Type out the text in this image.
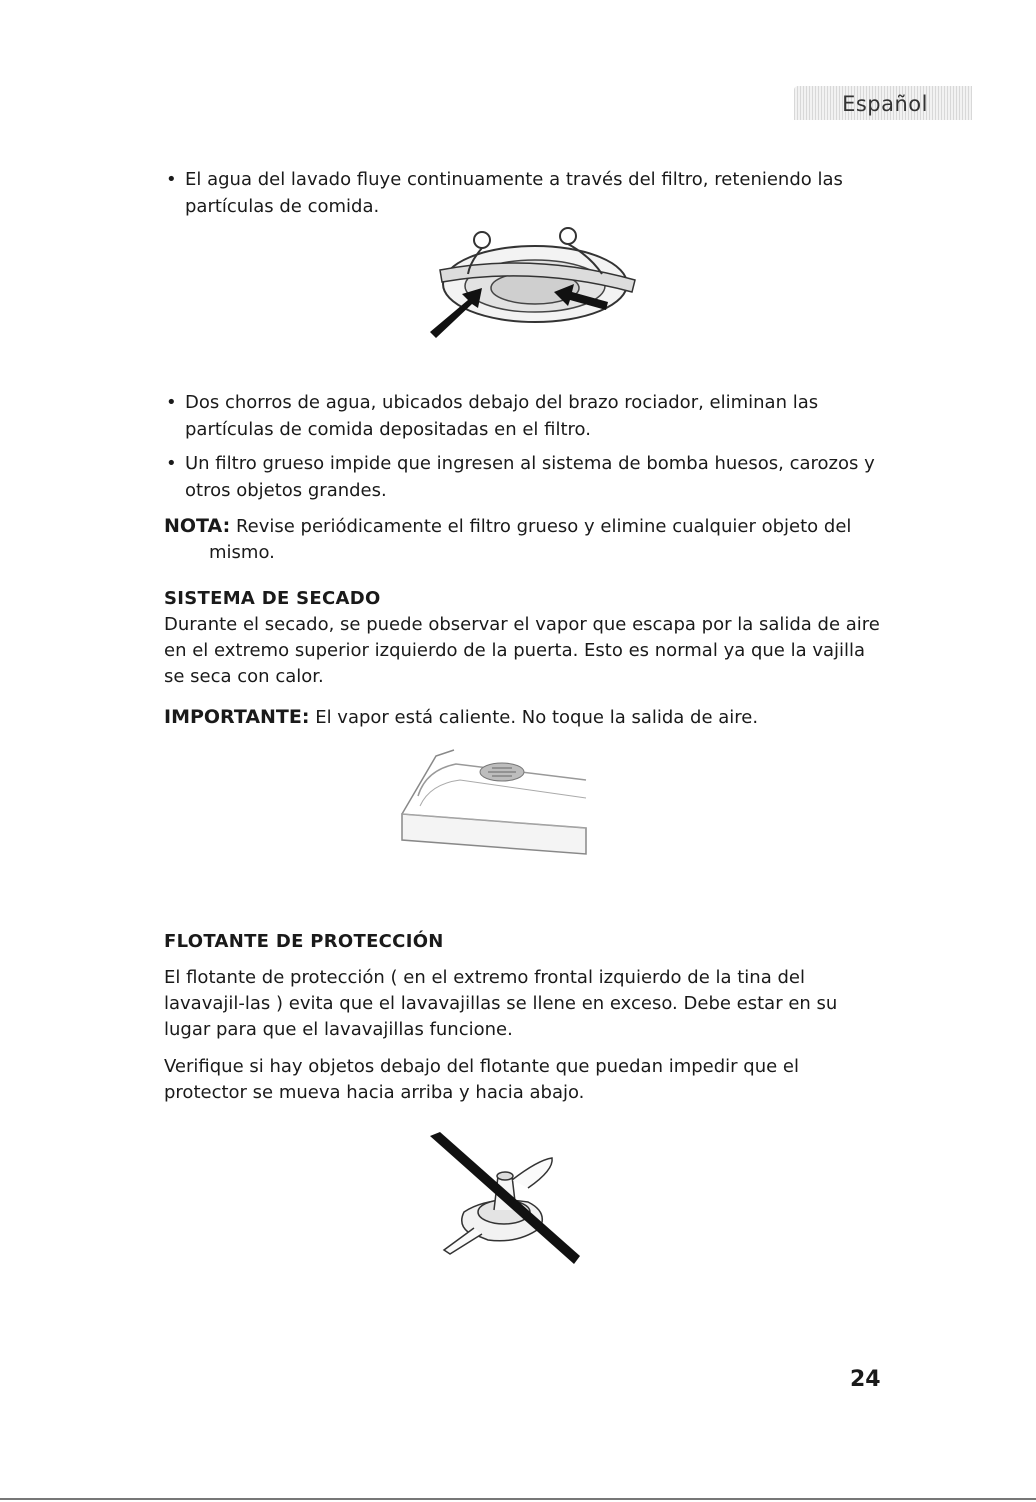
Español
• El agua del lavado fluye continuamente a través del filtro, reteniendo las partículas de comida.
• Dos chorros de agua, ubicados debajo del brazo rociador, eliminan las partículas de comida depositadas en el filtro.
• Un filtro grueso impide que ingresen al sistema de bomba huesos, carozos y otros objetos grandes.
NOTA: Revise periódicamente el filtro grueso y elimine cualquier objeto del
mismo.
SISTEMA DE SECADO
Durante el secado, se puede observar el vapor que escapa por la salida de aire en el extremo superior izquierdo de la puerta. Esto es normal ya que la vajilla se seca con calor.
IMPORTANTE: El vapor está caliente. No toque la salida de aire.
FLOTANTE DE PROTECCIÓN
El flotante de protección ( en el extremo frontal izquierdo de la tina del lavavajil-las ) evita que el lavavajillas se llene en exceso. Debe estar en su lugar para que el lavavajillas funcione.
Verifique si hay objetos debajo del flotante que puedan impedir que el protector se mueva hacia arriba y hacia abajo.
24
